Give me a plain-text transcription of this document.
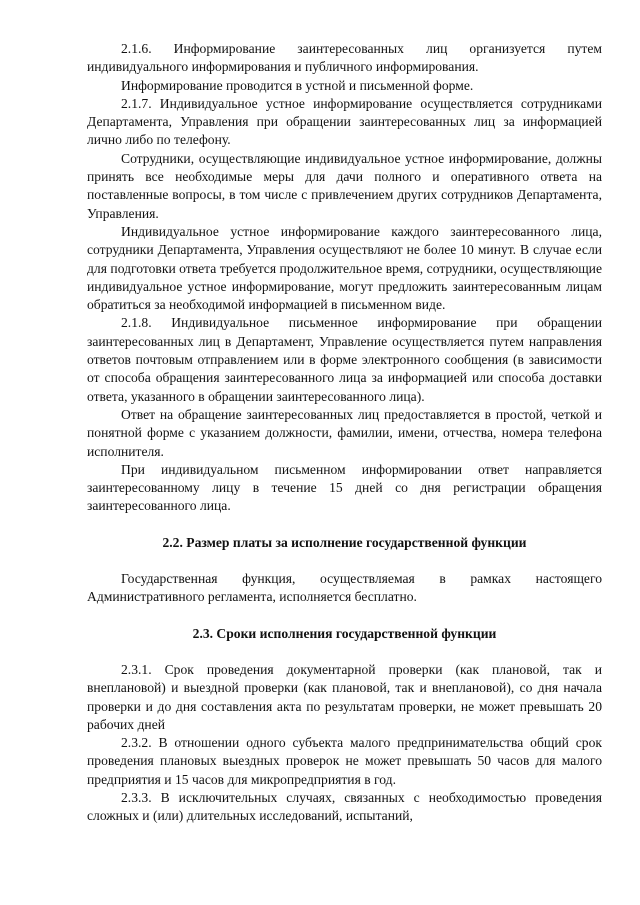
2.1.6. Информирование заинтересованных лиц организуется путем индивидуального информирования и публичного информирования.

Информирование проводится в устной и письменной форме.

2.1.7. Индивидуальное устное информирование осуществляется сотрудниками Департамента, Управления при обращении заинтересованных лиц за информацией лично либо по телефону.

Сотрудники, осуществляющие индивидуальное устное информирование, должны принять все необходимые меры для дачи полного и оперативного ответа на поставленные вопросы, в том числе с привлечением других сотрудников Департамента, Управления.

Индивидуальное устное информирование каждого заинтересованного лица, сотрудники Департамента, Управления осуществляют не более 10 минут. В случае если для подготовки ответа требуется продолжительное время, сотрудники, осуществляющие индивидуальное устное информирование, могут предложить заинтересованным лицам обратиться за необходимой информацией в письменном виде.

2.1.8. Индивидуальное письменное информирование при обращении заинтересованных лиц в Департамент, Управление осуществляется путем направления ответов почтовым отправлением или в форме электронного сообщения (в зависимости от способа обращения заинтересованного лица за информацией или способа доставки ответа, указанного в обращении заинтересованного лица).

Ответ на обращение заинтересованных лиц предоставляется в простой, четкой и понятной форме с указанием должности, фамилии, имени, отчества, номера телефона исполнителя.

При индивидуальном письменном информировании ответ направляется заинтересованному лицу в течение 15 дней со дня регистрации обращения заинтересованного лица.

2.2. Размер платы за исполнение государственной функции

Государственная функция, осуществляемая в рамках настоящего Административного регламента, исполняется бесплатно.

2.3. Сроки исполнения государственной функции

2.3.1. Срок проведения документарной проверки (как плановой, так и внеплановой) и выездной проверки (как плановой, так и внеплановой), со дня начала проверки и до дня составления акта по результатам проверки, не может превышать 20 рабочих дней

2.3.2. В отношении одного субъекта малого предпринимательства общий срок проведения плановых выездных проверок не может превышать 50 часов для малого предприятия и 15 часов для микропредприятия в год.

2.3.3. В исключительных случаях, связанных с необходимостью проведения сложных и (или) длительных исследований, испытаний,
